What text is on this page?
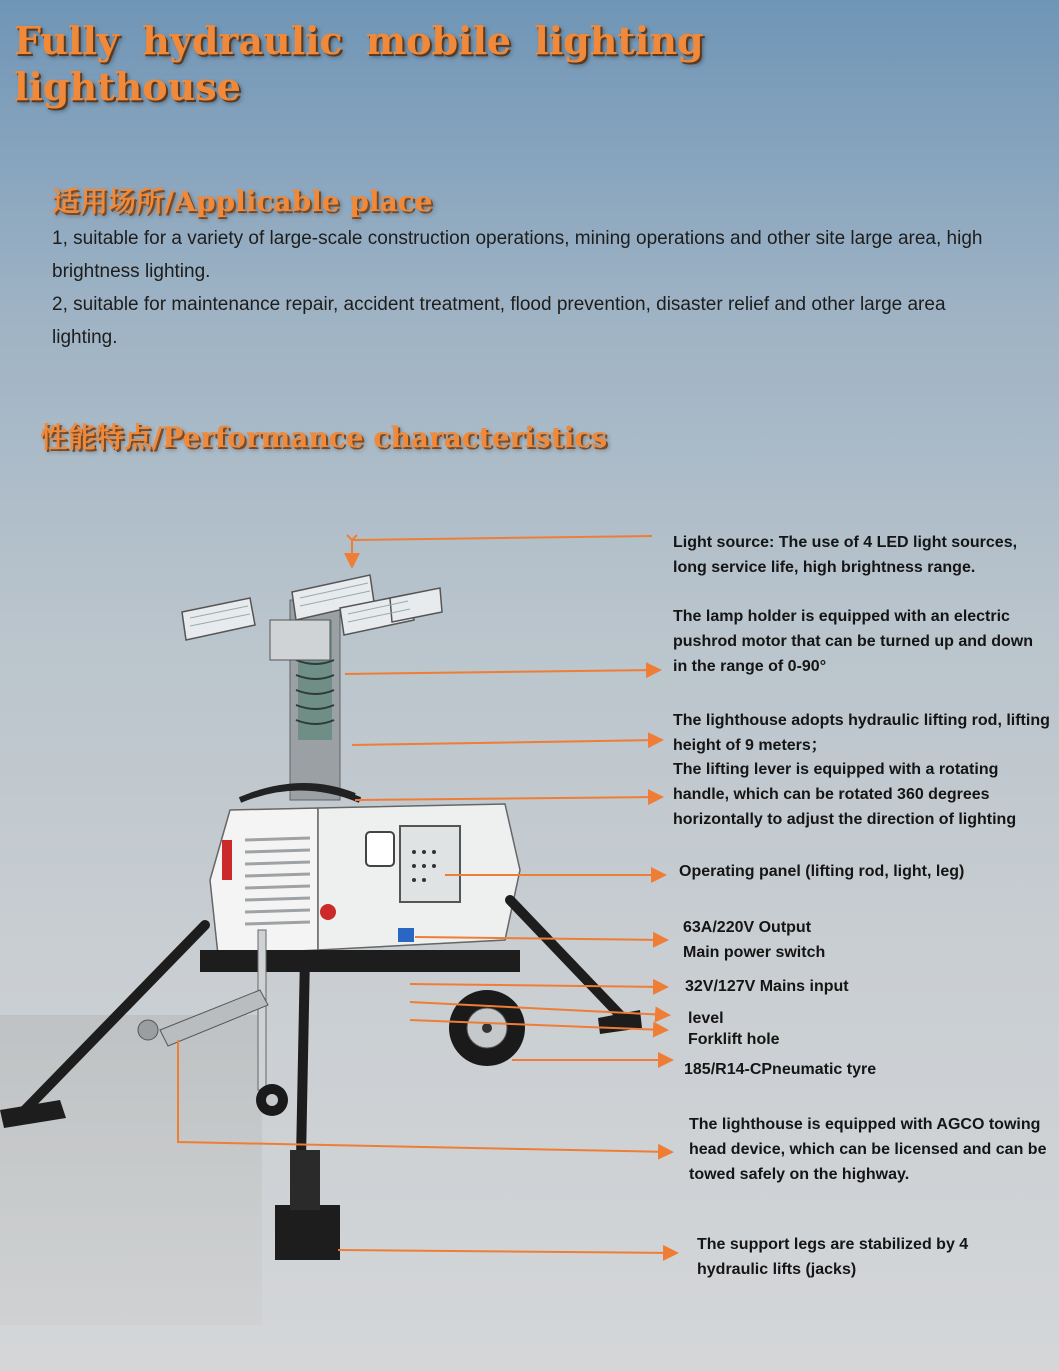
Fully hydraulic mobile lighting lighthouse
适用场所/Applicable place

1, suitable for a variety of large-scale construction operations, mining operations and other site large area, high brightness lighting.

2, suitable for maintenance repair, accident treatment, flood prevention, disaster relief and other large area lighting.

性能特点/Performance characteristics

Light source: The use of 4 LED light sources, long service life, high brightness range.

The lamp holder is equipped with an electric pushrod motor that can be turned up and down in the range of 0-90°

The lighthouse adopts hydraulic lifting rod, lifting height of 9 meters；

The lifting lever is equipped with a rotating handle, which can be rotated 360 degrees horizontally to adjust the direction of lighting

Operating panel (lifting rod, light, leg)

63A/220V Output

Main power switch

32V/127V Mains input

level

Forklift hole

185/R14-CPneumatic tyre

The lighthouse is equipped with AGCO towing head device, which can be licensed and can be towed safely on the highway.

The support legs are stabilized by 4 hydraulic lifts (jacks)
